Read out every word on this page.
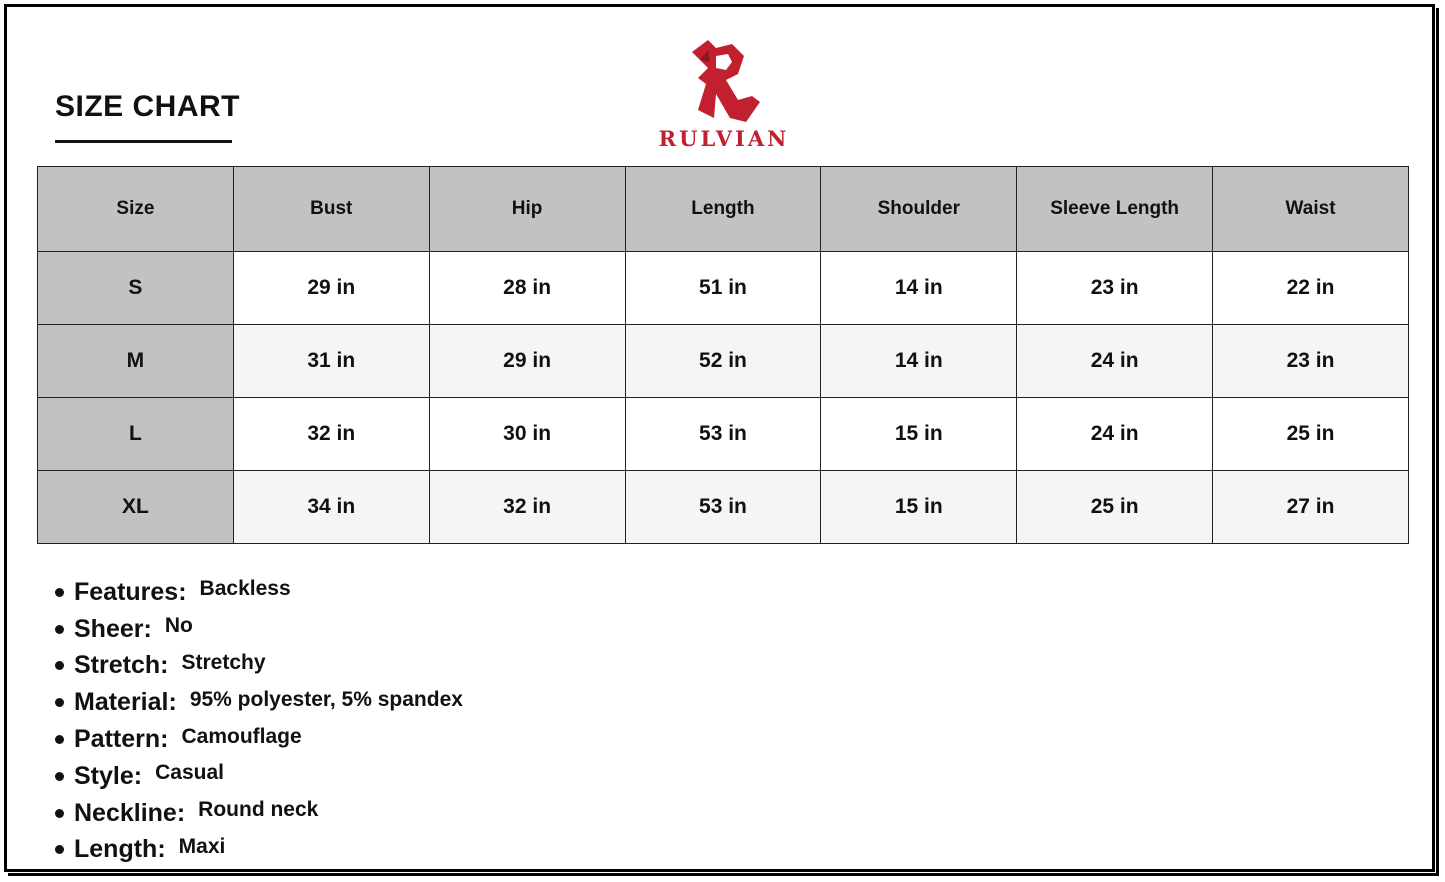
SIZE CHART
RULVIAN
Size	Bust	Hip	Length	Shoulder	Sleeve Length	Waist
S	29 in	28 in	51 in	14 in	23 in	22 in
M	31 in	29 in	52 in	14 in	24 in	23 in
L	32 in	30 in	53 in	15 in	24 in	25 in
XL	34 in	32 in	53 in	15 in	25 in	27 in
Features: Backless
Sheer: No
Stretch: Stretchy
Material: 95% polyester, 5% spandex
Pattern: Camouflage
Style: Casual
Neckline: Round neck
Length: Maxi
